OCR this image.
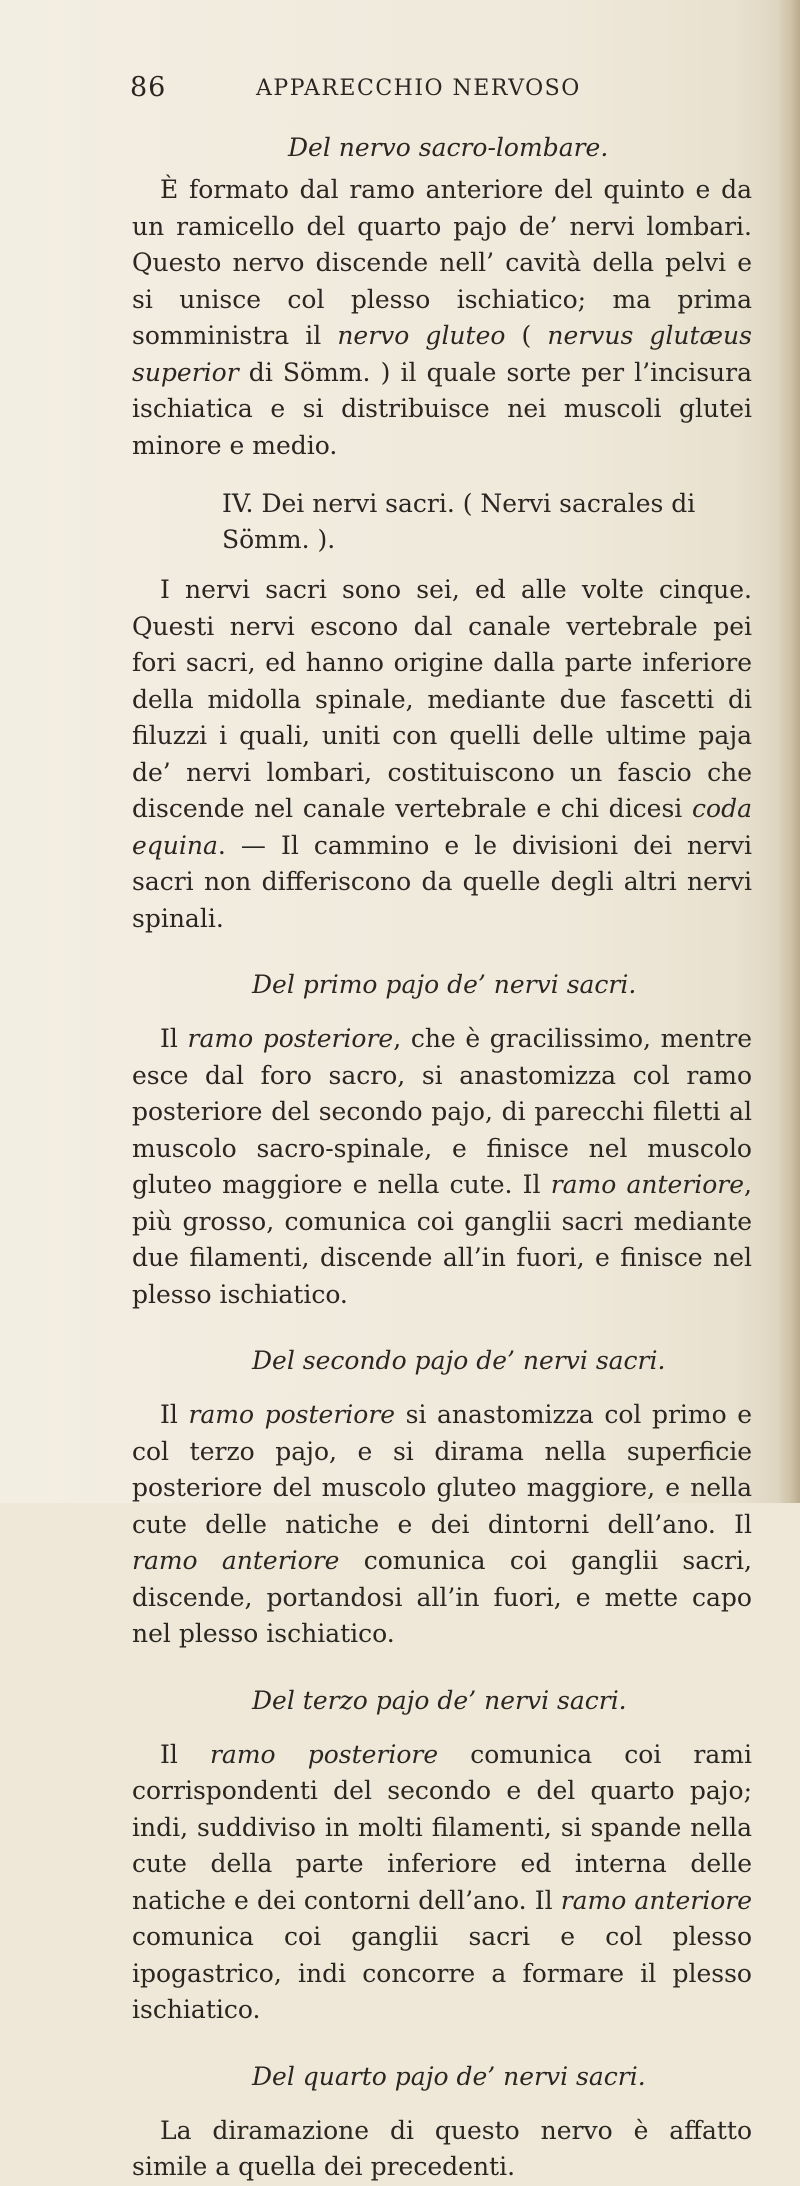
86	APPARECCHIO NERVOSO

Del nervo sacro-lombare.

È formato dal ramo anteriore del quinto e da un ramicello del quarto pajo de’ nervi lombari. Questo nervo discende nell’ cavità della pelvi e si unisce col plesso ischiatico; ma prima somministra il nervo gluteo ( nervus glutæus superior di Sömm. ) il quale sorte per l’incisura ischiatica e si distribuisce nei muscoli glutei minore e medio.

IV. Dei nervi sacri. ( Nervi sacrales di Sömm. ).

I nervi sacri sono sei, ed alle volte cinque. Questi nervi escono dal canale vertebrale pei fori sacri, ed hanno origine dalla parte inferiore della midolla spinale, mediante due fascetti di filuzzi i quali, uniti con quelli delle ultime paja de’ nervi lombari, costituiscono un fascio che discende nel canale vertebrale e chi dicesi coda equina. — Il cammino e le divisioni dei nervi sacri non differiscono da quelle degli altri nervi spinali.

Del primo pajo de’ nervi sacri.

Il ramo posteriore, che è gracilissimo, mentre esce dal foro sacro, si anastomizza col ramo posteriore del secondo pajo, di parecchi filetti al muscolo sacro-spinale, e finisce nel muscolo gluteo maggiore e nella cute. Il ramo anteriore, più grosso, comunica coi ganglii sacri mediante due filamenti, discende all’in fuori, e finisce nel plesso ischiatico.

Del secondo pajo de’ nervi sacri.

Il ramo posteriore si anastomizza col primo e col terzo pajo, e si dirama nella superficie posteriore del muscolo gluteo maggiore, e nella cute delle natiche e dei dintorni dell’ano. Il ramo anteriore comunica coi ganglii sacri, discende, portandosi all’in fuori, e mette capo nel plesso ischiatico.

Del terzo pajo de’ nervi sacri.

Il ramo posteriore comunica coi rami corrispondenti del secondo e del quarto pajo; indi, suddiviso in molti filamenti, si spande nella cute della parte inferiore ed interna delle natiche e dei contorni dell’ano. Il ramo anteriore comunica coi ganglii sacri e col plesso ipogastrico, indi concorre a formare il plesso ischiatico.

Del quarto pajo de’ nervi sacri.

La diramazione di questo nervo è affatto simile a quella dei precedenti.
